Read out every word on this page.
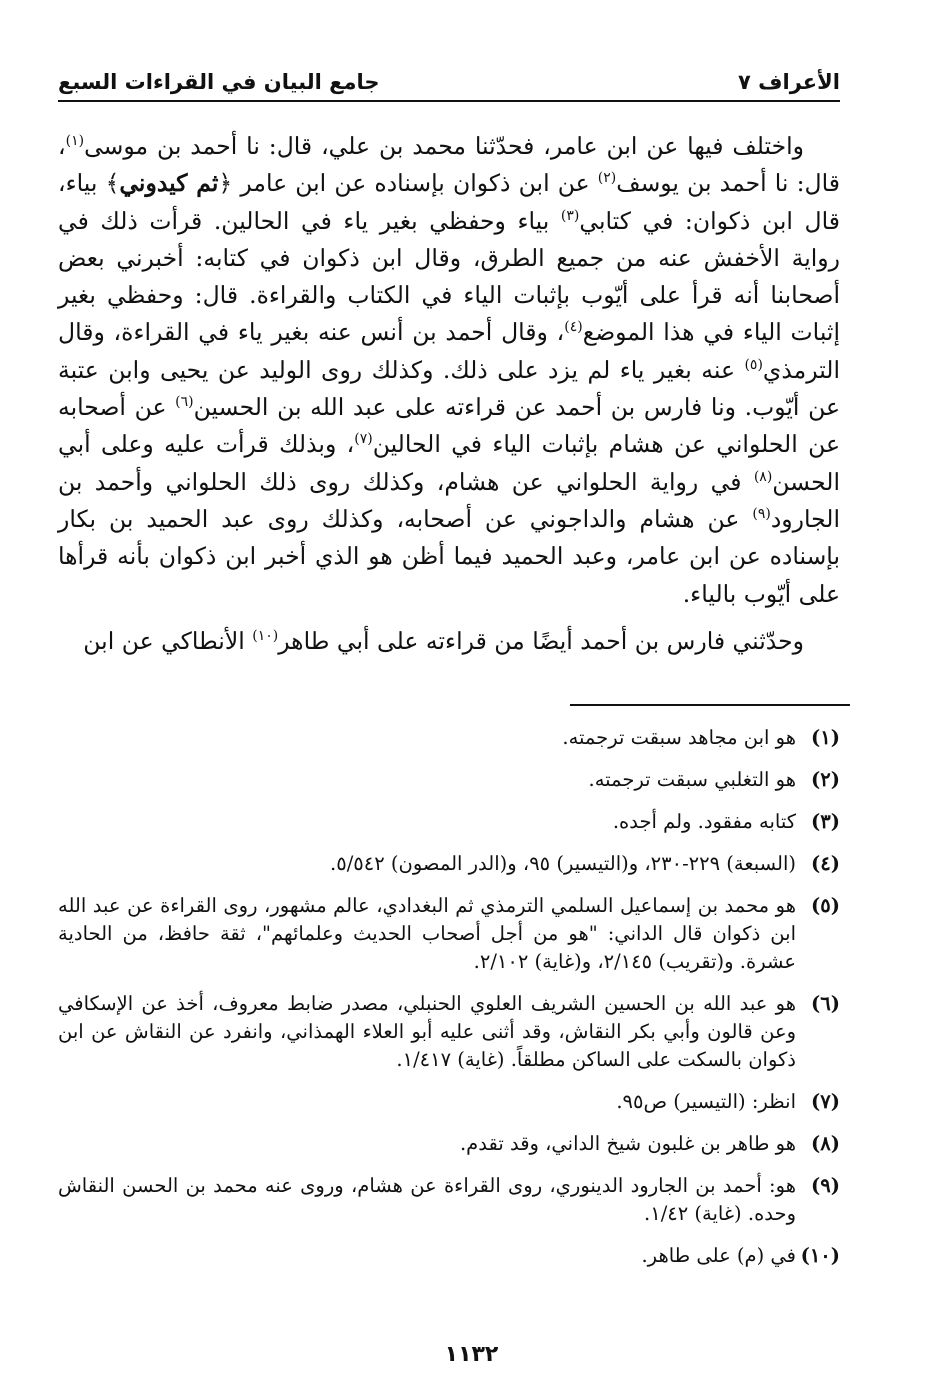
الأعراف ٧
جامع البيان في القراءات السبع

واختلف فيها عن ابن عامر، فحدّثنا محمد بن علي، قال: نا أحمد بن موسى$^{(١)}$، قال: نا أحمد بن يوسف$^{(٢)}$ عن ابن ذكوان بإسناده عن ابن عامر ﴿ثم كيدوني﴾ بياء، قال ابن ذكوان: في كتابي$^{(٣)}$ بياء وحفظي بغير ياء في الحالين. قرأت ذلك في رواية الأخفش عنه من جميع الطرق، وقال ابن ذكوان في كتابه: أخبرني بعض أصحابنا أنه قرأ على أيّوب بإثبات الياء في الكتاب والقراءة. قال: وحفظي بغير إثبات الياء في هذا الموضع$^{(٤)}$، وقال أحمد بن أنس عنه بغير ياء في القراءة، وقال الترمذي$^{(٥)}$ عنه بغير ياء لم يزد على ذلك. وكذلك روى الوليد عن يحيى وابن عتبة عن أيّوب. ونا فارس بن أحمد عن قراءته على عبد الله بن الحسين$^{(٦)}$ عن أصحابه عن الحلواني عن هشام بإثبات الياء في الحالين$^{(٧)}$، وبذلك قرأت عليه وعلى أبي الحسن$^{(٨)}$ في رواية الحلواني عن هشام، وكذلك روى ذلك الحلواني وأحمد بن الجارود$^{(٩)}$ عن هشام والداجوني عن أصحابه، وكذلك روى عبد الحميد بن بكار بإسناده عن ابن عامر، وعبد الحميد فيما أظن هو الذي أخبر ابن ذكوان بأنه قرأها على أيّوب بالياء.

وحدّثني فارس بن أحمد أيضًا من قراءته على أبي طاهر$^{(١٠)}$ الأنطاكي عن ابن

(١)
هو ابن مجاهد سبقت ترجمته.
(٢)
هو التغلبي سبقت ترجمته.
(٣)
كتابه مفقود. ولم أجده.
(٤)
(السبعة) ٢٢٩-٢٣٠، و(التيسير) ٩٥، و(الدر المصون) ٥/٥٤٢.
(٥)
هو محمد بن إسماعيل السلمي الترمذي ثم البغدادي، عالم مشهور، روى القراءة عن عبد الله ابن ذكوان قال الداني: "هو من أجل أصحاب الحديث وعلمائهم"، ثقة حافظ، من الحادية عشرة. و(تقريب) ٢/١٤٥، و(غاية) ٢/١٠٢.
(٦)
هو عبد الله بن الحسين الشريف العلوي الحنبلي، مصدر ضابط معروف، أخذ عن الإسكافي وعن قالون وأبي بكر النقاش، وقد أثنى عليه أبو العلاء الهمذاني، وانفرد عن النقاش عن ابن ذكوان بالسكت على الساكن مطلقاً. (غاية) ١/٤١٧.
(٧)
انظر: (التيسير) ص٩٥.
(٨)
هو طاهر بن غلبون شيخ الداني، وقد تقدم.
(٩)
هو: أحمد بن الجارود الدينوري، روى القراءة عن هشام، وروى عنه محمد بن الحسن النقاش وحده. (غاية) ١/٤٢.
(١٠)
في (م) على طاهر.
١١٣٢
